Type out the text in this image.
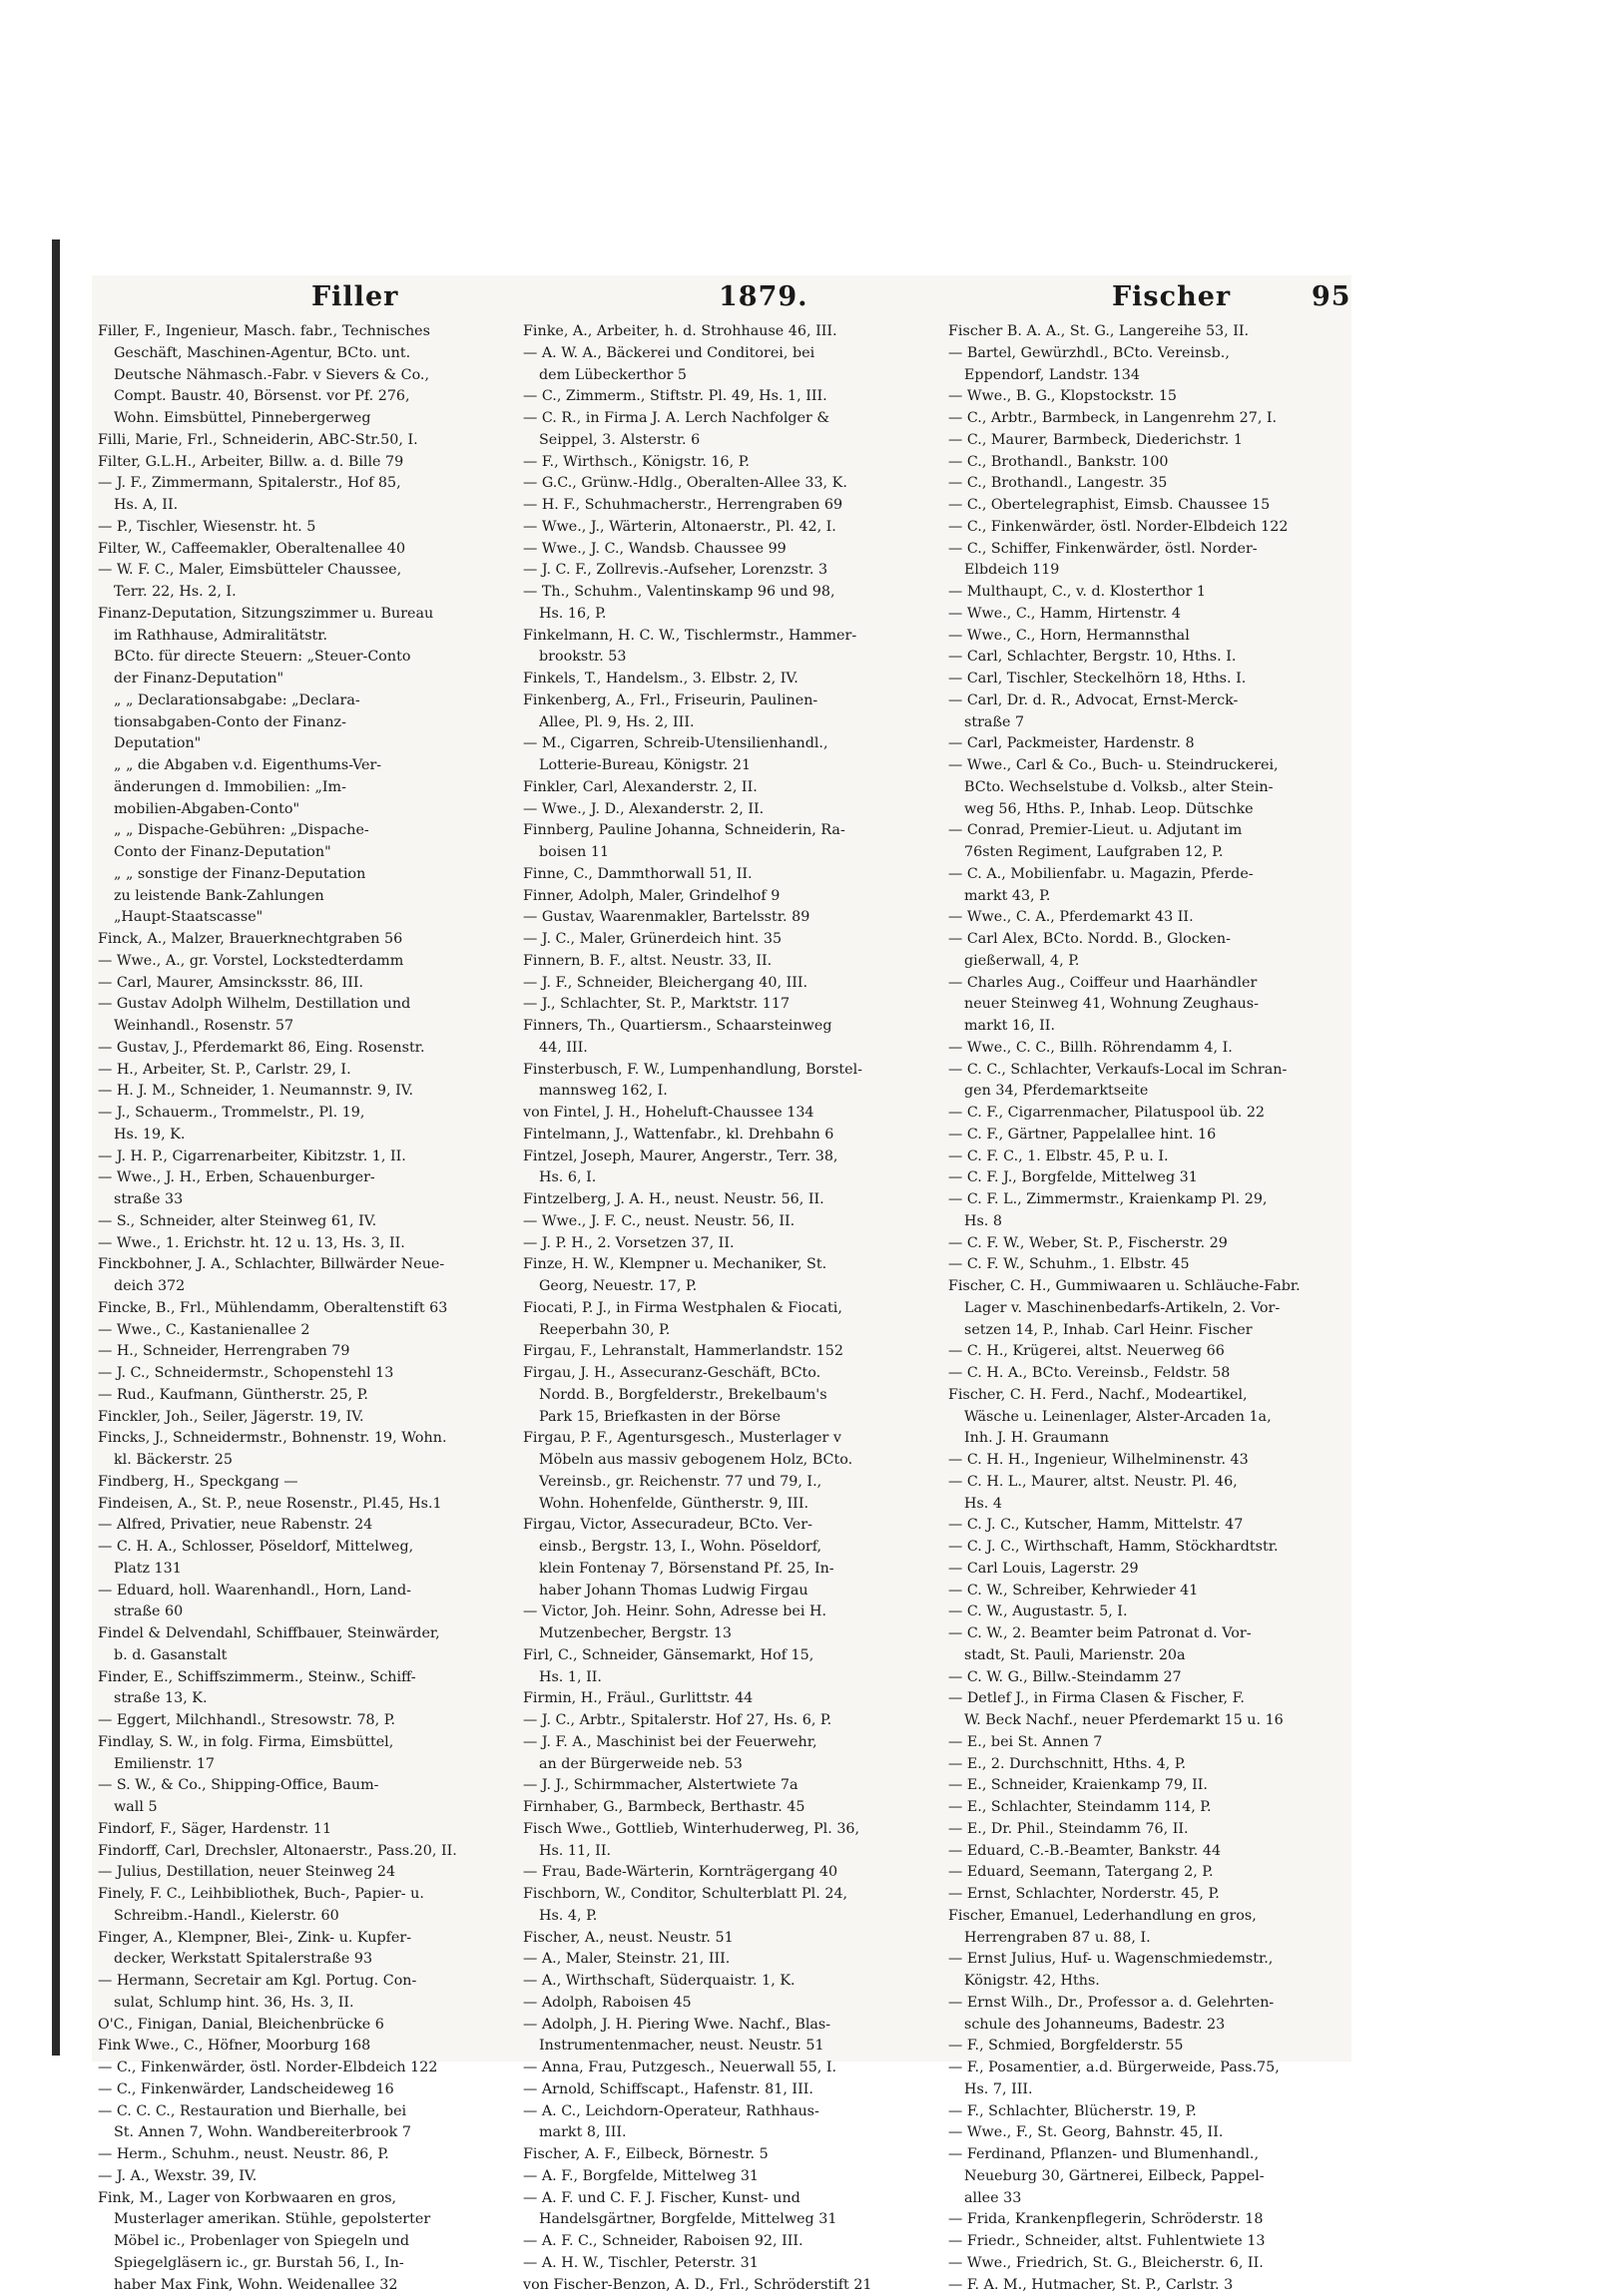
Filler	1879.	Fischer	95
Filler, F., Ingenieur, Masch. fabr., Technisches
Geschäft, Maschinen-Agentur, BCto. unt.
Deutsche Nähmasch.-Fabr. v Sievers & Co.,
Compt. Baustr. 40, Börsenst. vor Pf. 276,
Wohn. Eimsbüttel, Pinnebergerweg
Filli, Marie, Frl., Schneiderin, ABC-Str.50, I.
Filter, G.L.H., Arbeiter, Billw. a. d. Bille 79
— J. F., Zimmermann, Spitalerstr., Hof 85,
Hs. A, II.
— P., Tischler, Wiesenstr. ht. 5
Filter, W., Caffeemakler, Oberaltenallee 40
— W. F. C., Maler, Eimsbütteler Chaussee,
Terr. 22, Hs. 2, I.
Finanz-Deputation, Sitzungszimmer u. Bureau
im Rathhause, Admiralitätstr.
BCto. für directe Steuern: „Steuer-Conto
der Finanz-Deputation"
„ „ Declarationsabgabe: „Declara-
tionsabgaben-Conto der Finanz-
Deputation"
„ „ die Abgaben v.d. Eigenthums-Ver-
änderungen d. Immobilien: „Im-
mobilien-Abgaben-Conto"
„ „ Dispache-Gebühren: „Dispache-
Conto der Finanz-Deputation"
„ „ sonstige der Finanz-Deputation
zu leistende Bank-Zahlungen
„Haupt-Staatscasse"
Finck, A., Malzer, Brauerknechtgraben 56
— Wwe., A., gr. Vorstel, Lockstedterdamm
— Carl, Maurer, Amsincksstr. 86, III.
— Gustav Adolph Wilhelm, Destillation und
Weinhandl., Rosenstr. 57
— Gustav, J., Pferdemarkt 86, Eing. Rosenstr.
— H., Arbeiter, St. P., Carlstr. 29, I.
— H. J. M., Schneider, 1. Neumannstr. 9, IV.
— J., Schauerm., Trommelstr., Pl. 19,
Hs. 19, K.
— J. H. P., Cigarrenarbeiter, Kibitzstr. 1, II.
— Wwe., J. H., Erben, Schauenburger-
straße 33
— S., Schneider, alter Steinweg 61, IV.
— Wwe., 1. Erichstr. ht. 12 u. 13, Hs. 3, II.
Finckbohner, J. A., Schlachter, Billwärder Neue-
deich 372
Fincke, B., Frl., Mühlendamm, Oberaltenstift 63
— Wwe., C., Kastanienallee 2
— H., Schneider, Herrengraben 79
— J. C., Schneidermstr., Schopenstehl 13
— Rud., Kaufmann, Güntherstr. 25, P.
Finckler, Joh., Seiler, Jägerstr. 19, IV.
Fincks, J., Schneidermstr., Bohnenstr. 19, Wohn.
kl. Bäckerstr. 25
Findberg, H., Speckgang —
Findeisen, A., St. P., neue Rosenstr., Pl.45, Hs.1
— Alfred, Privatier, neue Rabenstr. 24
— C. H. A., Schlosser, Pöseldorf, Mittelweg,
Platz 131
— Eduard, holl. Waarenhandl., Horn, Land-
straße 60
Findel & Delvendahl, Schiffbauer, Steinwärder,
b. d. Gasanstalt
Finder, E., Schiffszimmerm., Steinw., Schiff-
straße 13, K.
— Eggert, Milchhandl., Stresowstr. 78, P.
Findlay, S. W., in folg. Firma, Eimsbüttel,
Emilienstr. 17
— S. W., & Co., Shipping-Office, Baum-
wall 5
Findorf, F., Säger, Hardenstr. 11
Findorff, Carl, Drechsler, Altonaerstr., Pass.20, II.
— Julius, Destillation, neuer Steinweg 24
Finely, F. C., Leihbibliothek, Buch-, Papier- u.
Schreibm.-Handl., Kielerstr. 60
Finger, A., Klempner, Blei-, Zink- u. Kupfer-
decker, Werkstatt Spitalerstraße 93
— Hermann, Secretair am Kgl. Portug. Con-
sulat, Schlump hint. 36, Hs. 3, II.
O'C., Finigan, Danial, Bleichenbrücke 6
Fink Wwe., C., Höfner, Moorburg 168
— C., Finkenwärder, östl. Norder-Elbdeich 122
— C., Finkenwärder, Landscheideweg 16
— C. C. C., Restauration und Bierhalle, bei
St. Annen 7, Wohn. Wandbereiterbrook 7
— Herm., Schuhm., neust. Neustr. 86, P.
— J. A., Wexstr. 39, IV.
Fink, M., Lager von Korbwaaren en gros,
Musterlager amerikan. Stühle, gepolsterter
Möbel ic., Probenlager von Spiegeln und
Spiegelgläsern ic., gr. Burstah 56, I., In-
haber Max Fink, Wohn. Weidenallee 32
Finke, A., Arbeiter, h. d. Strohhause 46, III.
— A. W. A., Bäckerei und Conditorei, bei
dem Lübeckerthor 5
— C., Zimmerm., Stiftstr. Pl. 49, Hs. 1, III.
— C. R., in Firma J. A. Lerch Nachfolger &
Seippel, 3. Alsterstr. 6
— F., Wirthsch., Königstr. 16, P.
— G.C., Grünw.-Hdlg., Oberalten-Allee 33, K.
— H. F., Schuhmacherstr., Herrengraben 69
— Wwe., J., Wärterin, Altonaerstr., Pl. 42, I.
— Wwe., J. C., Wandsb. Chaussee 99
— J. C. F., Zollrevis.-Aufseher, Lorenzstr. 3
— Th., Schuhm., Valentinskamp 96 und 98,
Hs. 16, P.
Finkelmann, H. C. W., Tischlermstr., Hammer-
brookstr. 53
Finkels, T., Handelsm., 3. Elbstr. 2, IV.
Finkenberg, A., Frl., Friseurin, Paulinen-
Allee, Pl. 9, Hs. 2, III.
— M., Cigarren, Schreib-Utensilienhandl.,
Lotterie-Bureau, Königstr. 21
Finkler, Carl, Alexanderstr. 2, II.
— Wwe., J. D., Alexanderstr. 2, II.
Finnberg, Pauline Johanna, Schneiderin, Ra-
boisen 11
Finne, C., Dammthorwall 51, II.
Finner, Adolph, Maler, Grindelhof 9
— Gustav, Waarenmakler, Bartelsstr. 89
— J. C., Maler, Grünerdeich hint. 35
Finnern, B. F., altst. Neustr. 33, II.
— J. F., Schneider, Bleichergang 40, III.
— J., Schlachter, St. P., Marktstr. 117
Finners, Th., Quartiersm., Schaarsteinweg
44, III.
Finsterbusch, F. W., Lumpenhandlung, Borstel-
mannsweg 162, I.
von Fintel, J. H., Hoheluft-Chaussee 134
Fintelmann, J., Wattenfabr., kl. Drehbahn 6
Fintzel, Joseph, Maurer, Angerstr., Terr. 38,
Hs. 6, I.
Fintzelberg, J. A. H., neust. Neustr. 56, II.
— Wwe., J. F. C., neust. Neustr. 56, II.
— J. P. H., 2. Vorsetzen 37, II.
Finze, H. W., Klempner u. Mechaniker, St.
Georg, Neuestr. 17, P.
Fiocati, P. J., in Firma Westphalen & Fiocati,
Reeperbahn 30, P.
Firgau, F., Lehranstalt, Hammerlandstr. 152
Firgau, J. H., Assecuranz-Geschäft, BCto.
Nordd. B., Borgfelderstr., Brekelbaum's
Park 15, Briefkasten in der Börse
Firgau, P. F., Agentursgesch., Musterlager v
Möbeln aus massiv gebogenem Holz, BCto.
Vereinsb., gr. Reichenstr. 77 und 79, I.,
Wohn. Hohenfelde, Güntherstr. 9, III.
Firgau, Victor, Assecuradeur, BCto. Ver-
einsb., Bergstr. 13, I., Wohn. Pöseldorf,
klein Fontenay 7, Börsenstand Pf. 25, In-
haber Johann Thomas Ludwig Firgau
— Victor, Joh. Heinr. Sohn, Adresse bei H.
Mutzenbecher, Bergstr. 13
Firl, C., Schneider, Gänsemarkt, Hof 15,
Hs. 1, II.
Firmin, H., Fräul., Gurlittstr. 44
— J. C., Arbtr., Spitalerstr. Hof 27, Hs. 6, P.
— J. F. A., Maschinist bei der Feuerwehr,
an der Bürgerweide neb. 53
— J. J., Schirmmacher, Alstertwiete 7a
Firnhaber, G., Barmbeck, Berthastr. 45
Fisch Wwe., Gottlieb, Winterhuderweg, Pl. 36,
Hs. 11, II.
— Frau, Bade-Wärterin, Kornträgergang 40
Fischborn, W., Conditor, Schulterblatt Pl. 24,
Hs. 4, P.
Fischer, A., neust. Neustr. 51
— A., Maler, Steinstr. 21, III.
— A., Wirthschaft, Süderquaistr. 1, K.
— Adolph, Raboisen 45
— Adolph, J. H. Piering Wwe. Nachf., Blas-
Instrumentenmacher, neust. Neustr. 51
— Anna, Frau, Putzgesch., Neuerwall 55, I.
— Arnold, Schiffscapt., Hafenstr. 81, III.
— A. C., Leichdorn-Operateur, Rathhaus-
markt 8, III.
Fischer, A. F., Eilbeck, Börnestr. 5
— A. F., Borgfelde, Mittelweg 31
— A. F. und C. F. J. Fischer, Kunst- und
Handelsgärtner, Borgfelde, Mittelweg 31
— A. F. C., Schneider, Raboisen 92, III.
— A. H. W., Tischler, Peterstr. 31
von Fischer-Benzon, A. D., Frl., Schröderstift 21
Fischer B. A. A., St. G., Langereihe 53, II.
— Bartel, Gewürzhdl., BCto. Vereinsb.,
Eppendorf, Landstr. 134
— Wwe., B. G., Klopstockstr. 15
— C., Arbtr., Barmbeck, in Langenrehm 27, I.
— C., Maurer, Barmbeck, Diederichstr. 1
— C., Brothandl., Bankstr. 100
— C., Brothandl., Langestr. 35
— C., Obertelegraphist, Eimsb. Chaussee 15
— C., Finkenwärder, östl. Norder-Elbdeich 122
— C., Schiffer, Finkenwärder, östl. Norder-
Elbdeich 119
— Multhaupt, C., v. d. Klosterthor 1
— Wwe., C., Hamm, Hirtenstr. 4
— Wwe., C., Horn, Hermannsthal
— Carl, Schlachter, Bergstr. 10, Hths. I.
— Carl, Tischler, Steckelhörn 18, Hths. I.
— Carl, Dr. d. R., Advocat, Ernst-Merck-
straße 7
— Carl, Packmeister, Hardenstr. 8
— Wwe., Carl & Co., Buch- u. Steindruckerei,
BCto. Wechselstube d. Volksb., alter Stein-
weg 56, Hths. P., Inhab. Leop. Dütschke
— Conrad, Premier-Lieut. u. Adjutant im
76sten Regiment, Laufgraben 12, P.
— C. A., Mobilienfabr. u. Magazin, Pferde-
markt 43, P.
— Wwe., C. A., Pferdemarkt 43 II.
— Carl Alex, BCto. Nordd. B., Glocken-
gießerwall, 4, P.
— Charles Aug., Coiffeur und Haarhändler
neuer Steinweg 41, Wohnung Zeughaus-
markt 16, II.
— Wwe., C. C., Billh. Röhrendamm 4, I.
— C. C., Schlachter, Verkaufs-Local im Schran-
gen 34, Pferdemarktseite
— C. F., Cigarrenmacher, Pilatuspool üb. 22
— C. F., Gärtner, Pappelallee hint. 16
— C. F. C., 1. Elbstr. 45, P. u. I.
— C. F. J., Borgfelde, Mittelweg 31
— C. F. L., Zimmermstr., Kraienkamp Pl. 29,
Hs. 8
— C. F. W., Weber, St. P., Fischerstr. 29
— C. F. W., Schuhm., 1. Elbstr. 45
Fischer, C. H., Gummiwaaren u. Schläuche-Fabr.
Lager v. Maschinenbedarfs-Artikeln, 2. Vor-
setzen 14, P., Inhab. Carl Heinr. Fischer
— C. H., Krügerei, altst. Neuerweg 66
— C. H. A., BCto. Vereinsb., Feldstr. 58
Fischer, C. H. Ferd., Nachf., Modeartikel,
Wäsche u. Leinenlager, Alster-Arcaden 1a,
Inh. J. H. Graumann
— C. H. H., Ingenieur, Wilhelminenstr. 43
— C. H. L., Maurer, altst. Neustr. Pl. 46,
Hs. 4
— C. J. C., Kutscher, Hamm, Mittelstr. 47
— C. J. C., Wirthschaft, Hamm, Stöckhardtstr.
— Carl Louis, Lagerstr. 29
— C. W., Schreiber, Kehrwieder 41
— C. W., Augustastr. 5, I.
— C. W., 2. Beamter beim Patronat d. Vor-
stadt, St. Pauli, Marienstr. 20a
— C. W. G., Billw.-Steindamm 27
— Detlef J., in Firma Clasen & Fischer, F.
W. Beck Nachf., neuer Pferdemarkt 15 u. 16
— E., bei St. Annen 7
— E., 2. Durchschnitt, Hths. 4, P.
— E., Schneider, Kraienkamp 79, II.
— E., Schlachter, Steindamm 114, P.
— E., Dr. Phil., Steindamm 76, II.
— Eduard, C.-B.-Beamter, Bankstr. 44
— Eduard, Seemann, Tatergang 2, P.
— Ernst, Schlachter, Norderstr. 45, P.
Fischer, Emanuel, Lederhandlung en gros,
Herrengraben 87 u. 88, I.
— Ernst Julius, Huf- u. Wagenschmiedemstr.,
Königstr. 42, Hths.
— Ernst Wilh., Dr., Professor a. d. Gelehrten-
schule des Johanneums, Badestr. 23
— F., Schmied, Borgfelderstr. 55
— F., Posamentier, a.d. Bürgerweide, Pass.75,
Hs. 7, III.
— F., Schlachter, Blücherstr. 19, P.
— Wwe., F., St. Georg, Bahnstr. 45, II.
— Ferdinand, Pflanzen- und Blumenhandl.,
Neueburg 30, Gärtnerei, Eilbeck, Pappel-
allee 33
— Frida, Krankenpflegerin, Schröderstr. 18
— Friedr., Schneider, altst. Fuhlentwiete 13
— Wwe., Friedrich, St. G., Bleicherstr. 6, II.
— F. A. M., Hutmacher, St. P., Carlstr. 3
